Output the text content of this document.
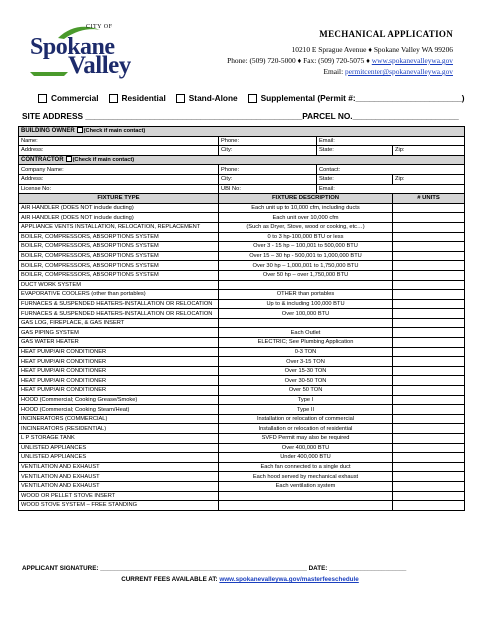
CITY OF
Spokane
Valley
MECHANICAL APPLICATION
10210 E Sprague Avenue ♦ Spokane Valley WA 99206
Phone: (509) 720-5000 ♦ Fax: (509) 720-5075 ♦ www.spokanevalleywa.gov
Email: permitcenter@spokanevalleywa.gov
Commercial	Residential	Stand-Alone	Supplemental (Permit #:_______________________)
SITE ADDRESS _______________________________________________PARCEL NO._______________________
BUILDING OWNER (Check if main contact)			
Name:	Phone:	Email:	
Address:	City:	State:	Zip:
CONTRACTOR (Check if main contact)			
Company Name:	Phone:	Contact:	
Address:	City:	State:	Zip:
License No:	UBI No:	Email:	
FIXTURE TYPE	FIXTURE DESCRIPTION		# UNITS
AIR HANDLER (DOES NOT include ducting)	Each unit up to 10,000 cfm, including ducts		
AIR HANDLER (DOES NOT include ducting)	Each unit over 10,000 cfm		
APPLIANCE VENTS INSTALLATION, RELOCATION, REPLACEMENT	(Such as Dryer, Stove, wood or cooking, etc…)		
BOILER, COMPRESSORS, ABSORPTIONS SYSTEM	0 to 3 hp-100,000 BTU or less		
BOILER, COMPRESSORS, ABSORPTIONS SYSTEM	Over 3 - 15 hp – 100,001 to 500,000 BTU		
BOILER, COMPRESSORS, ABSORPTIONS SYSTEM	Over 15 – 30 hp - 500,001 to 1,000,000 BTU		
BOILER, COMPRESSORS, ABSORPTIONS SYSTEM	Over 30 hp – 1,000,001 to 1,750,000 BTU		
BOILER, COMPRESSORS, ABSORPTIONS SYSTEM	Over 50 hp – over 1,750,000 BTU		
DUCT WORK SYSTEM			
EVAPORATIVE COOLERS (other than portables)	OTHER than portables		
FURNACES & SUSPENDED HEATERS-INSTALLATION OR RELOCATION	Up to & including 100,000 BTU		
FURNACES & SUSPENDED HEATERS-INSTALLATION OR RELOCATION	Over 100,000 BTU		
GAS LOG, FIREPLACE, & GAS INSERT			
GAS PIPING SYSTEM	Each Outlet		
GAS WATER HEATER	ELECTRIC; See Plumbing Application		
HEAT PUMP/AIR CONDITIONER	0-3 TON		
HEAT PUMP/AIR CONDITIONER	Over 3-15 TON		
HEAT PUMP/AIR CONDITIONER	Over 15-30 TON		
HEAT PUMP/AIR CONDITIONER	Over 30-50 TON		
HEAT PUMP/AIR CONDITIONER	Over 50 TON		
HOOD (Commercial; Cooking Grease/Smoke)	Type I		
HOOD (Commercial; Cooking Steam/Heat)	Type II		
INCINERATORS (COMMERCIAL)	Installation or relocation of commercial		
INCINERATORS (RESIDENTIAL)	Installation or relocation of residential		
L P STORAGE TANK	SVFD Permit may also be required		
UNLISTED APPLIANCES	Over 400,000 BTU		
UNLISTED APPLIANCES	Under 400,000 BTU		
VENTILATION AND EXHAUST	Each fan connected to a single duct		
VENTILATION AND EXHAUST	Each hood served by mechanical exhaust		
VENTILATION AND EXHAUST	Each ventilation system		
WOOD OR PELLET STOVE INSERT			
WOOD STOVE SYSTEM – FREE STANDING			
APPLICANT SIGNATURE: ___________________________________________________________ DATE: ______________________
CURRENT FEES AVAILABLE AT: www.spokanevalleywa.gov/masterfeeschedule
